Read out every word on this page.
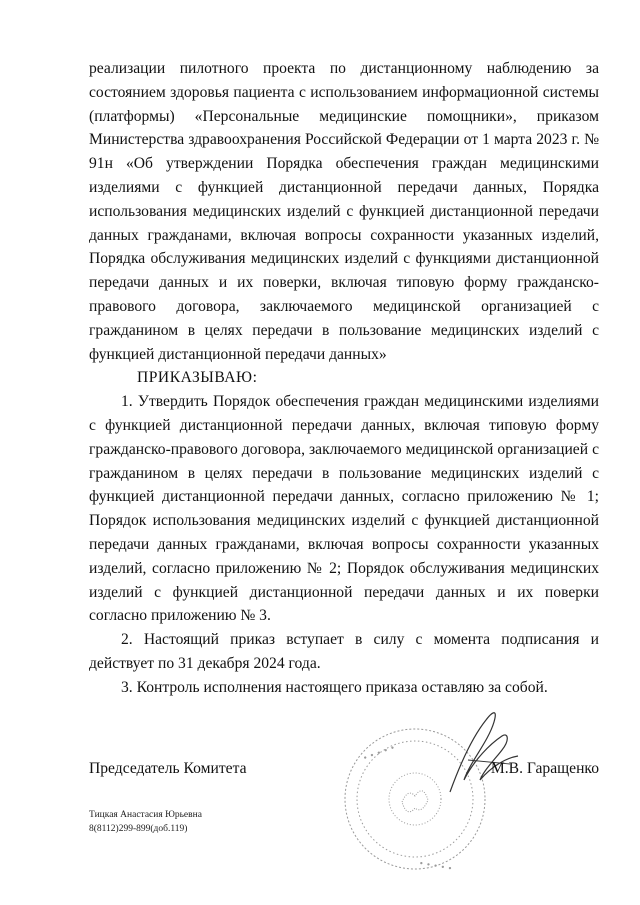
реализации пилотного проекта по дистанционному наблюдению за состоянием здоровья пациента с использованием информационной системы (платформы) «Персональные медицинские помощники», приказом Министерства здравоохранения Российской Федерации от 1 марта 2023 г. № 91н «Об утверждении Порядка обеспечения граждан медицинскими изделиями с функцией дистанционной передачи данных, Порядка использования медицинских изделий с функцией дистанционной передачи данных гражданами, включая вопросы сохранности указанных изделий, Порядка обслуживания медицинских изделий с функциями дистанционной передачи данных и их поверки, включая типовую форму гражданско-правового договора, заключаемого медицинской организацией с гражданином в целях передачи в пользование медицинских изделий с функцией дистанционной передачи данных»

ПРИКАЗЫВАЮ:

1. Утвердить Порядок обеспечения граждан медицинскими изделиями с функцией дистанционной передачи данных, включая типовую форму гражданско-правового договора, заключаемого медицинской организацией с гражданином в целях передачи в пользование медицинских изделий с функцией дистанционной передачи данных, согласно приложению № 1; Порядок использования медицинских изделий с функцией дистанционной передачи данных гражданами, включая вопросы сохранности указанных изделий, согласно приложению № 2; Порядок обслуживания медицинских изделий с функцией дистанционной передачи данных и их поверки согласно приложению № 3.

2. Настоящий приказ вступает в силу с момента подписания и действует по 31 декабря 2024 года.

3. Контроль исполнения настоящего приказа оставляю за собой.

• • • • •
• • • • •
Председатель Комитета	М.В. Гаращенко
Тицкая Анастасия Юрьевна
8(8112)299-899(доб.119)
